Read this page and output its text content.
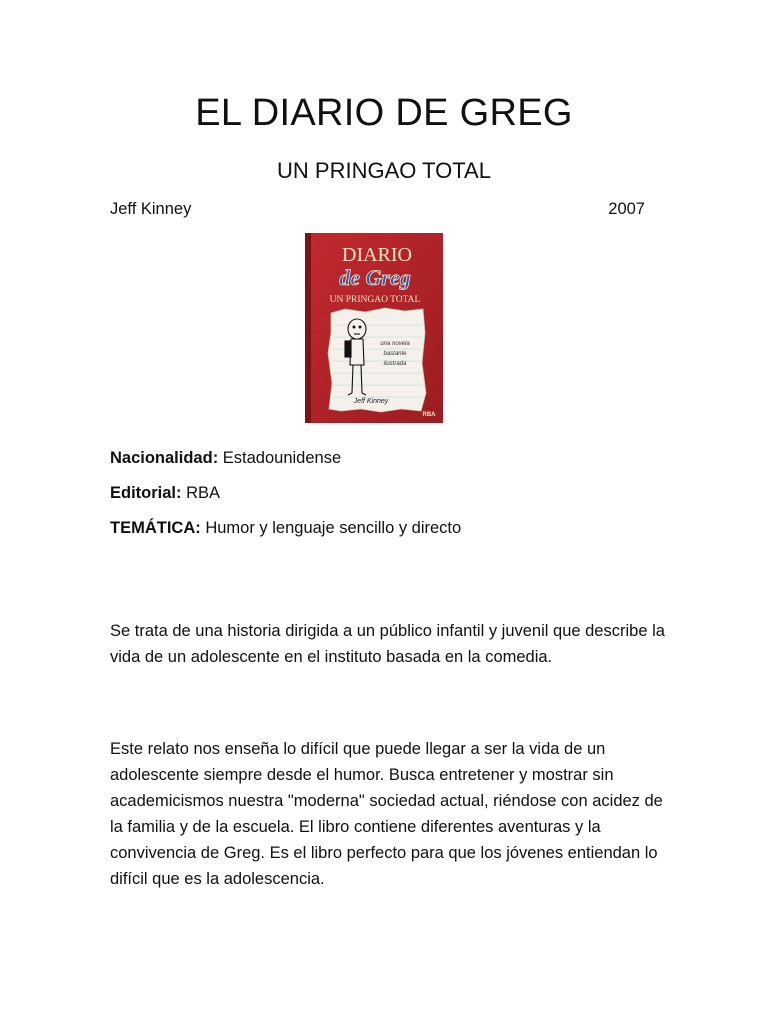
EL DIARIO DE GREG
UN PRINGAO TOTAL
Jeff Kinney	2007
DIARIO
de Greg
UN PRINGAO TOTAL
una novela
bastante
ilustrada
Jeff Kinney
RBA

Nacionalidad: Estadounidense

Editorial: RBA

TEMÁTICA: Humor y lenguaje sencillo y directo

Se trata de una historia dirigida a un público infantil y juvenil que describe la vida de un adolescente en el instituto basada en la comedia.

Este relato nos enseña lo difícil que puede llegar a ser la vida de un adolescente siempre desde el humor. Busca entretener y mostrar sin academicismos nuestra "moderna" sociedad actual, riéndose con acidez de la familia y de la escuela. El libro contiene diferentes aventuras y la convivencia de Greg. Es el libro perfecto para que los jóvenes entiendan lo difícil que es la adolescencia.
